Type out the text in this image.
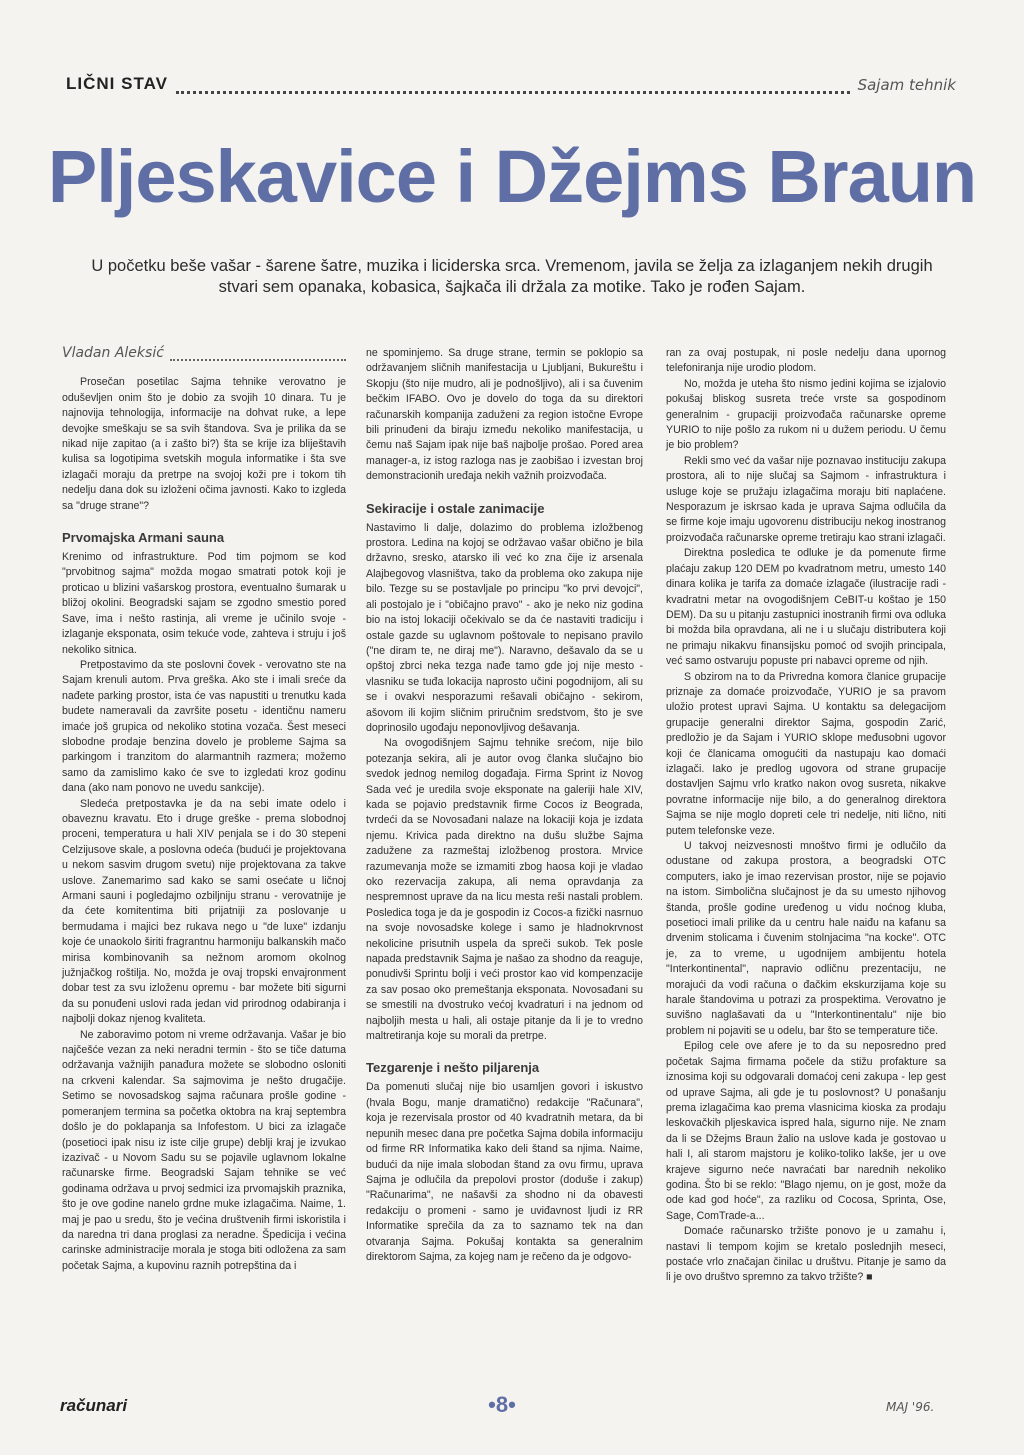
LIČNI STAV	Sajam tehnik
Pljeskavice i Džejms Braun
U početku beše vašar - šarene šatre, muzika i liciderska srca. Vremenom, javila se želja za izlaganjem nekih drugih stvari sem opanaka, kobasica, šajkača ili držala za motike. Tako je rođen Sajam.
Vladan Aleksić

Prosečan posetilac Sajma tehnike verovatno je oduševljen onim što je dobio za svojih 10 dinara. Tu je najnovija tehnologija, informacije na dohvat ruke, a lepe devojke smeškaju se sa svih štandova. Sva je prilika da se nikad nije zapitao (a i zašto bi?) šta se krije iza bliještavih kulisa sa logotipima svetskih mogula informatike i šta sve izlagači moraju da pretrpe na svojoj koži pre i tokom tih nedelju dana dok su izloženi očima javnosti. Kako to izgleda sa "druge strane"?

Prvomajska Armani sauna

Krenimo od infrastrukture. Pod tim pojmom se kod "prvobitnog sajma" možda mogao smatrati potok koji je proticao u blizini vašarskog prostora, eventualno šumarak u bližoj okolini. Beogradski sajam se zgodno smestio pored Save, ima i nešto rastinja, ali vreme je učinilo svoje - izlaganje eksponata, osim tekuće vode, zahteva i struju i još nekoliko sitnica.

Pretpostavimo da ste poslovni čovek - verovatno ste na Sajam krenuli autom. Prva greška. Ako ste i imali sreće da nađete parking prostor, ista će vas napustiti u trenutku kada budete nameravali da završite posetu - identičnu nameru imaće još grupica od nekoliko stotina vozača. Šest meseci slobodne prodaje benzina dovelo je probleme Sajma sa parkingom i tranzitom do alarmantnih razmera; možemo samo da zamislimo kako će sve to izgledati kroz godinu dana (ako nam ponovo ne uvedu sankcije).

Sledeća pretpostavka je da na sebi imate odelo i obaveznu kravatu. Eto i druge greške - prema slobodnoj proceni, temperatura u hali XIV penjala se i do 30 stepeni Celzijusove skale, a poslovna odeća (budući je projektovana u nekom sasvim drugom svetu) nije projektovana za takve uslove. Zanemarimo sad kako se sami osećate u ličnoj Armani sauni i pogledajmo ozbiljniju stranu - verovatnije je da ćete komitentima biti prijatniji za poslovanje u bermudama i majici bez rukava nego u "de luxe" izdanju koje će unaokolo širiti fragrantnu harmoniju balkanskih mačo mirisa kombinovanih sa nežnom aromom okolnog južnjačkog roštilja. No, možda je ovaj tropski envajronment dobar test za svu izloženu opremu - bar možete biti sigurni da su ponuđeni uslovi rada jedan vid prirodnog odabiranja i najbolji dokaz njenog kvaliteta.

Ne zaboravimo potom ni vreme održavanja. Vašar je bio najčešće vezan za neki neradni termin - što se tiče datuma održavanja važnijih panađura možete se slobodno osloniti na crkveni kalendar. Sa sajmovima je nešto drugačije. Setimo se novosadskog sajma računara prošle godine - pomeranjem termina sa početka oktobra na kraj septembra došlo je do poklapanja sa Infofestom. U bici za izlagače (posetioci ipak nisu iz iste cilje grupe) deblji kraj je izvukao izazivač - u Novom Sadu su se pojavile uglavnom lokalne računarske firme. Beogradski Sajam tehnike se već godinama održava u prvoj sedmici iza prvomajskih praznika, što je ove godine nanelo grdne muke izlagačima. Naime, 1. maj je pao u sredu, što je većina društvenih firmi iskoristila i da naredna tri dana proglasi za neradne. Špedicija i većina carinske administracije morala je stoga biti odložena za sam početak Sajma, a kupovinu raznih potrepština da i

ne spominjemo. Sa druge strane, termin se poklopio sa održavanjem sličnih manifestacija u Ljubljani, Bukureštu i Skopju (što nije mudro, ali je podnošljivo), ali i sa čuvenim bečkim IFABO. Ovo je dovelo do toga da su direktori računarskih kompanija zaduženi za region istočne Evrope bili prinuđeni da biraju između nekoliko manifestacija, u čemu naš Sajam ipak nije baš najbolje prošao. Pored area manager-a, iz istog razloga nas je zaobišao i izvestan broj demonstracionih uređaja nekih važnih proizvođača.

Sekiracije i ostale zanimacije

Nastavimo li dalje, dolazimo do problema izložbenog prostora. Ledina na kojoj se održavao vašar obično je bila državno, sresko, atarsko ili već ko zna čije iz arsenala Alajbegovog vlasništva, tako da problema oko zakupa nije bilo. Tezge su se postavljale po principu "ko prvi devojci", ali postojalo je i "običajno pravo" - ako je neko niz godina bio na istoj lokaciji očekivalo se da će nastaviti tradiciju i ostale gazde su uglavnom poštovale to nepisano pravilo ("ne diram te, ne diraj me"). Naravno, dešavalo da se u opštoj zbrci neka tezga nađe tamo gde joj nije mesto - vlasniku se tuđa lokacija naprosto učini pogodnijom, ali su se i ovakvi nesporazumi rešavali običajno - sekirom, ašovom ili kojim sličnim priručnim sredstvom, što je sve doprinosilo ugođaju neponovljivog dešavanja.

Na ovogodišnjem Sajmu tehnike srećom, nije bilo potezanja sekira, ali je autor ovog članka slučajno bio svedok jednog nemilog događaja. Firma Sprint iz Novog Sada već je uredila svoje eksponate na galeriji hale XIV, kada se pojavio predstavnik firme Cocos iz Beograda, tvrdeći da se Novosađani nalaze na lokaciji koja je izdata njemu. Krivica pada direktno na dušu službe Sajma zadužene za razmeštaj izložbenog prostora. Mrvice razumevanja može se izmamiti zbog haosa koji je vladao oko rezervacija zakupa, ali nema opravdanja za nespremnost uprave da na licu mesta reši nastali problem. Posledica toga je da je gospodin iz Cocos-a fizički nasrnuo na svoje novosadske kolege i samo je hladnokrvnost nekolicine prisutnih uspela da spreči sukob. Tek posle napada predstavnik Sajma je našao za shodno da reaguje, ponudivši Sprintu bolji i veći prostor kao vid kompenzacije za sav posao oko premeštanja eksponata. Novosađani su se smestili na dvostruko većoj kvadraturi i na jednom od najboljih mesta u hali, ali ostaje pitanje da li je to vredno maltretiranja koje su morali da pretrpe.

Tezgarenje i nešto piljarenja

Da pomenuti slučaj nije bio usamljen govori i iskustvo (hvala Bogu, manje dramatično) redakcije "Računara", koja je rezervisala prostor od 40 kvadratnih metara, da bi nepunih mesec dana pre početka Sajma dobila informaciju od firme RR Informatika kako deli štand sa njima. Naime, budući da nije imala slobodan štand za ovu firmu, uprava Sajma je odlučila da prepolovi prostor (doduše i zakup) "Računarima", ne našavši za shodno ni da obavesti redakciju o promeni - samo je uviđavnost ljudi iz RR Informatike sprečila da za to saznamo tek na dan otvaranja Sajma. Pokušaj kontakta sa generalnim direktorom Sajma, za kojeg nam je rečeno da je odgovo-

ran za ovaj postupak, ni posle nedelju dana upornog telefoniranja nije urodio plodom.

No, možda je uteha što nismo jedini kojima se izjalovio pokušaj bliskog susreta treće vrste sa gospodinom generalnim - grupaciji proizvođača računarske opreme YURIO to nije pošlo za rukom ni u dužem periodu. U čemu je bio problem?

Rekli smo već da vašar nije poznavao instituciju zakupa prostora, ali to nije slučaj sa Sajmom - infrastruktura i usluge koje se pružaju izlagačima moraju biti naplaćene. Nesporazum je iskrsao kada je uprava Sajma odlučila da se firme koje imaju ugovorenu distribuciju nekog inostranog proizvođača računarske opreme tretiraju kao strani izlagači.

Direktna posledica te odluke je da pomenute firme plaćaju zakup 120 DEM po kvadratnom metru, umesto 140 dinara kolika je tarifa za domaće izlagače (ilustracije radi - kvadratni metar na ovogodišnjem CeBIT-u koštao je 150 DEM). Da su u pitanju zastupnici inostranih firmi ova odluka bi možda bila opravdana, ali ne i u slučaju distributera koji ne primaju nikakvu finansijsku pomoć od svojih principala, već samo ostvaruju popuste pri nabavci opreme od njih.

S obzirom na to da Privredna komora članice grupacije priznaje za domaće proizvođače, YURIO je sa pravom uložio protest upravi Sajma. U kontaktu sa delegacijom grupacije generalni direktor Sajma, gospodin Zarić, predložio je da Sajam i YURIO sklope međusobni ugovor koji će članicama omogućiti da nastupaju kao domaći izlagači. Iako je predlog ugovora od strane grupacije dostavljen Sajmu vrlo kratko nakon ovog susreta, nikakve povratne informacije nije bilo, a do generalnog direktora Sajma se nije moglo dopreti cele tri nedelje, niti lično, niti putem telefonske veze.

U takvoj neizvesnosti mnoštvo firmi je odlučilo da odustane od zakupa prostora, a beogradski OTC computers, iako je imao rezervisan prostor, nije se pojavio na istom. Simbolična slučajnost je da su umesto njihovog štanda, prošle godine uređenog u vidu noćnog kluba, posetioci imali prilike da u centru hale naiđu na kafanu sa drvenim stolicama i čuvenim stolnjacima "na kocke". OTC je, za to vreme, u ugodnijem ambijentu hotela "Interkontinental", napravio odličnu prezentaciju, ne morajući da vodi računa o đačkim ekskurzijama koje su harale štandovima u potrazi za prospektima. Verovatno je suvišno naglašavati da u "Interkontinentalu" nije bio problem ni pojaviti se u odelu, bar što se temperature tiče.

Epilog cele ove afere je to da su neposredno pred početak Sajma firmama počele da stižu profakture sa iznosima koji su odgovarali domaćoj ceni zakupa - lep gest od uprave Sajma, ali gde je tu poslovnost? U ponašanju prema izlagačima kao prema vlasnicima kioska za prodaju leskovačkih pljeskavica ispred hala, sigurno nije. Ne znam da li se Džejms Braun žalio na uslove kada je gostovao u hali I, ali starom majstoru je koliko-toliko lakše, jer u ove krajeve sigurno neće navraćati bar narednih nekoliko godina. Što bi se reklo: "Blago njemu, on je gost, može da ode kad god hoće", za razliku od Cocosa, Sprinta, Ose, Sage, ComTrade-a...

Domaće računarsko tržište ponovo je u zamahu i, nastavi li tempom kojim se kretalo poslednjih meseci, postaće vrlo značajan činilac u društvu. Pitanje je samo da li je ovo društvo spremno za takvo tržište? ■

računari	•8•	MAJ '96.
